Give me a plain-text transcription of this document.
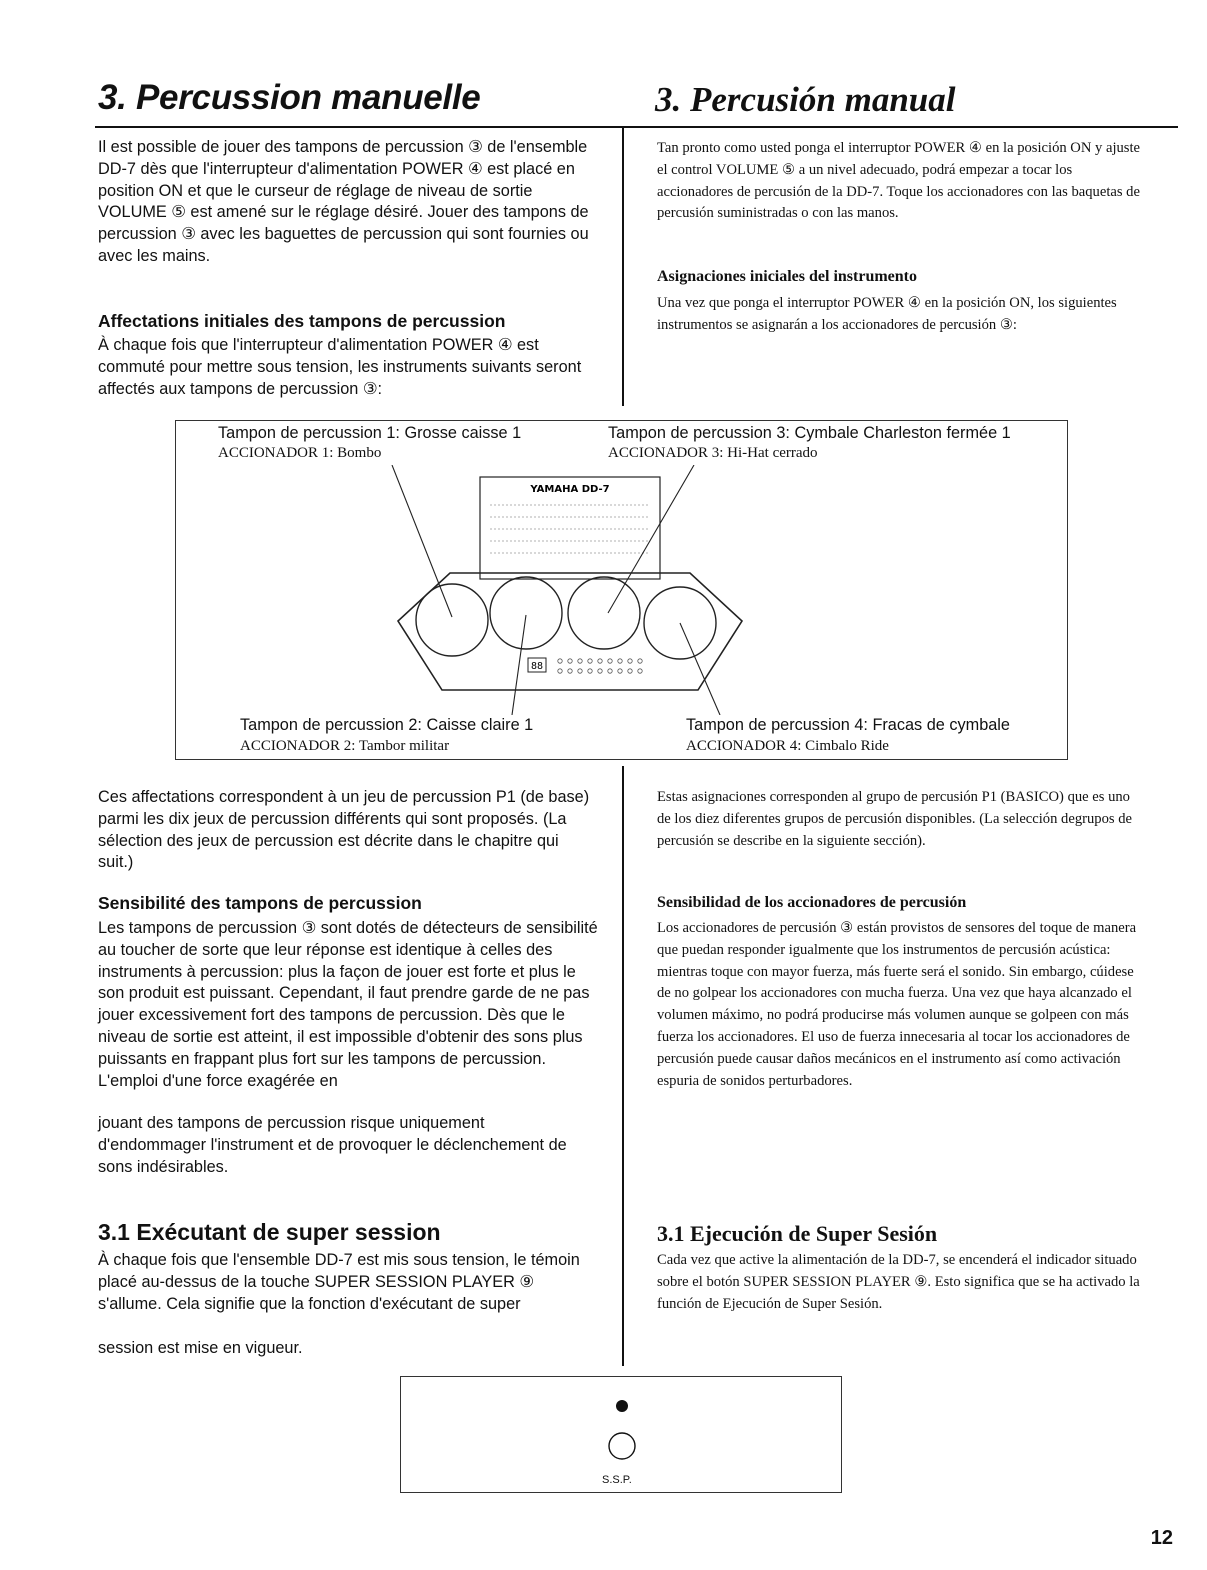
3. Percussion manuelle	3. Percusión manual
Il est possible de jouer des tampons de percussion ③ de l'ensemble DD-7 dès que l'interrupteur d'alimentation POWER ④ est placé en position ON et que le curseur de réglage de niveau de sortie VOLUME ⑤ est amené sur le réglage désiré. Jouer des tampons de percussion ③ avec les baguettes de percussion qui sont fournies ou avec les mains.
Affectations initiales des tampons de percussion
À chaque fois que l'interrupteur d'alimentation POWER ④ est commuté pour mettre sous tension, les instruments suivants seront affectés aux tampons de percussion ③:
Tan pronto como usted ponga el interruptor POWER ④ en la posición ON y ajuste el control VOLUME ⑤ a un nivel adecuado, podrá empezar a tocar los accionadores de percusión de la DD-7. Toque los accionadores con las baquetas de percusión suministradas o con las manos.
Asignaciones iniciales del instrumento
Una vez que ponga el interruptor POWER ④ en la posición ON, los siguientes instrumentos se asignarán a los accionadores de percusión ③:
Tampon de percussion 1: Grosse caisse 1
ACCIONADOR 1: Bombo
Tampon de percussion 3: Cymbale Charleston fermée 1
ACCIONADOR 3: Hi-Hat cerrado
Tampon de percussion 2: Caisse claire 1
ACCIONADOR 2: Tambor militar
Tampon de percussion 4: Fracas de cymbale
ACCIONADOR 4: Cimbalo Ride
YAMAHA DD-7
88
Ces affectations correspondent à un jeu de percussion P1 (de base) parmi les dix jeux de percussion différents qui sont proposés. (La sélection des jeux de percussion est décrite dans le chapitre qui suit.)
Sensibilité des tampons de percussion
Les tampons de percussion ③ sont dotés de détecteurs de sensibilité au toucher de sorte que leur réponse est identique à celles des instruments à percussion: plus la façon de jouer est forte et plus le son produit est puissant. Cependant, il faut prendre garde de ne pas jouer excessivement fort des tampons de percussion. Dès que le niveau de sortie est atteint, il est impossible d'obtenir des sons plus puissants en frappant plus fort sur les tampons de percussion. L'emploi d'une force exagérée en
jouant des tampons de percussion risque uniquement d'endommager l'instrument et de provoquer le déclenchement de sons indésirables.
3.1 Exécutant de super session
À chaque fois que l'ensemble DD-7 est mis sous tension, le témoin placé au-dessus de la touche SUPER SESSION PLAYER ⑨ s'allume. Cela signifie que la fonction d'exécutant de super
session est mise en vigueur.
Estas asignaciones corresponden al grupo de percusión P1 (BASICO) que es uno de los diez diferentes grupos de percusión disponibles. (La selección degrupos de percusión se describe en la siguiente sección).
Sensibilidad de los accionadores de percusión
Los accionadores de percusión ③ están provistos de sensores del toque de manera que puedan responder igualmente que los instrumentos de percusión acústica: mientras toque con mayor fuerza, más fuerte será el sonido. Sin embargo, cúidese de no golpear los accionadores con mucha fuerza. Una vez que haya alcanzado el volumen máximo, no podrá producirse más volumen aunque se golpeen con más fuerza los accionadores. El uso de fuerza innecesaria al tocar los accionadores de percusión puede causar daños mecánicos en el instrumento así como activación espuria de sonidos perturbadores.
3.1 Ejecución de Super Sesión
Cada vez que active la alimentación de la DD-7, se encenderá el indicador situado sobre el botón SUPER SESSION PLAYER ⑨. Esto significa que se ha activado la función de Ejecución de Super Sesión.
S.S.P.
12
